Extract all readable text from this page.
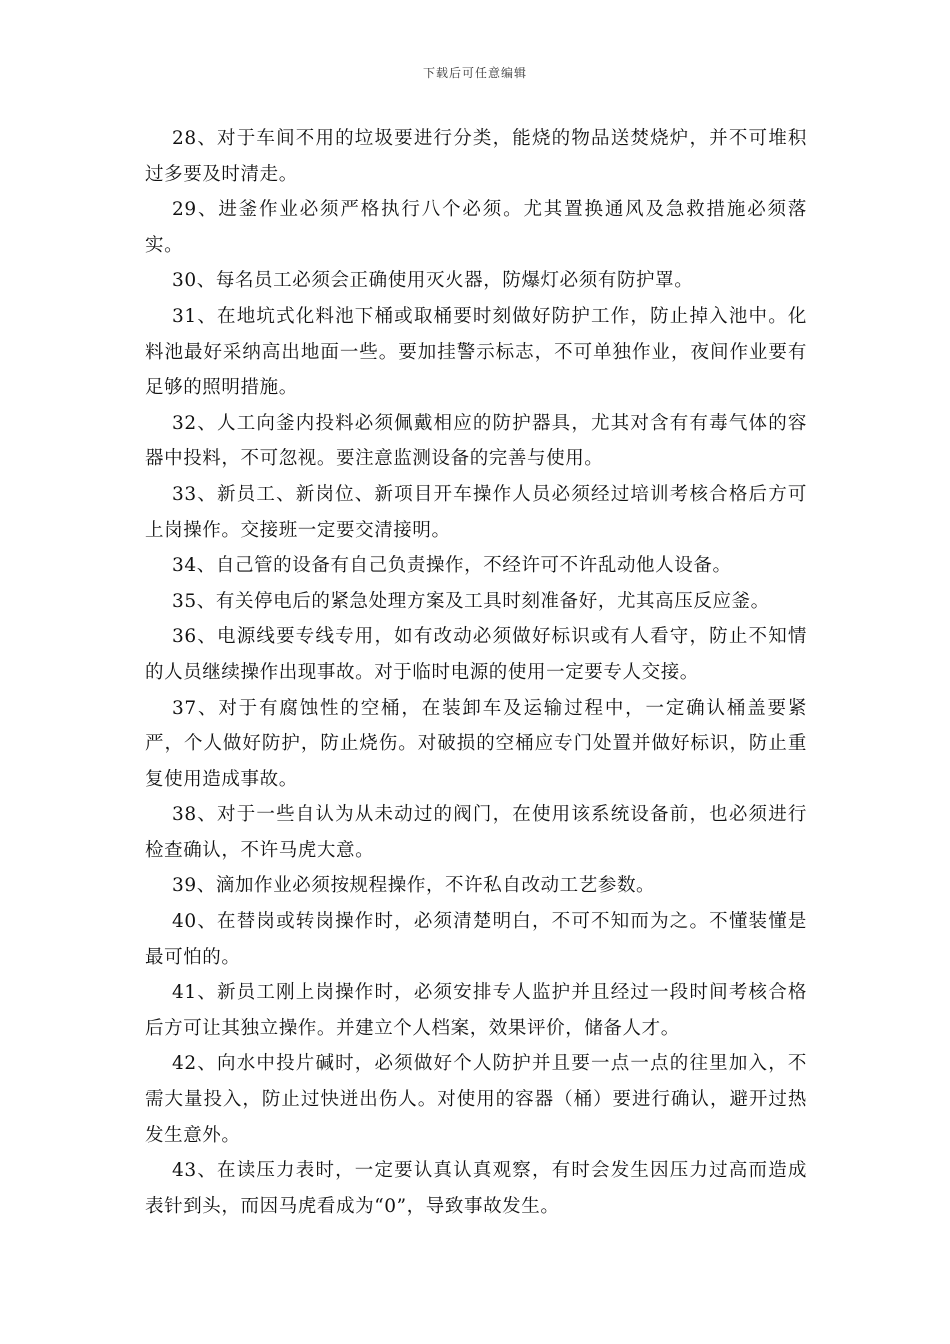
下载后可任意编辑

28、对于车间不用的垃圾要进行分类，能烧的物品送焚烧炉，并不可堆积过多要及时清走。

29、进釜作业必须严格执行八个必须。尤其置换通风及急救措施必须落实。

30、每名员工必须会正确使用灭火器，防爆灯必须有防护罩。

31、在地坑式化料池下桶或取桶要时刻做好防护工作，防止掉入池中。化料池最好采纳高出地面一些。要加挂警示标志，不可单独作业，夜间作业要有足够的照明措施。

32、人工向釜内投料必须佩戴相应的防护器具，尤其对含有有毒气体的容器中投料，不可忽视。要注意监测设备的完善与使用。

33、新员工、新岗位、新项目开车操作人员必须经过培训考核合格后方可上岗操作。交接班一定要交清接明。

34、自己管的设备有自己负责操作，不经许可不许乱动他人设备。

35、有关停电后的紧急处理方案及工具时刻准备好，尤其高压反应釜。

36、电源线要专线专用，如有改动必须做好标识或有人看守，防止不知情的人员继续操作出现事故。对于临时电源的使用一定要专人交接。

37、对于有腐蚀性的空桶，在装卸车及运输过程中，一定确认桶盖要紧严，个人做好防护，防止烧伤。对破损的空桶应专门处置并做好标识，防止重复使用造成事故。

38、对于一些自认为从未动过的阀门，在使用该系统设备前，也必须进行检查确认，不许马虎大意。

39、滴加作业必须按规程操作，不许私自改动工艺参数。

40、在替岗或转岗操作时，必须清楚明白，不可不知而为之。不懂装懂是最可怕的。

41、新员工刚上岗操作时，必须安排专人监护并且经过一段时间考核合格后方可让其独立操作。并建立个人档案，效果评价，储备人才。

42、向水中投片碱时，必须做好个人防护并且要一点一点的往里加入，不需大量投入，防止过快迸出伤人。对使用的容器（桶）要进行确认，避开过热发生意外。

43、在读压力表时，一定要认真认真观察，有时会发生因压力过高而造成表针到头，而因马虎看成为“0”，导致事故发生。
